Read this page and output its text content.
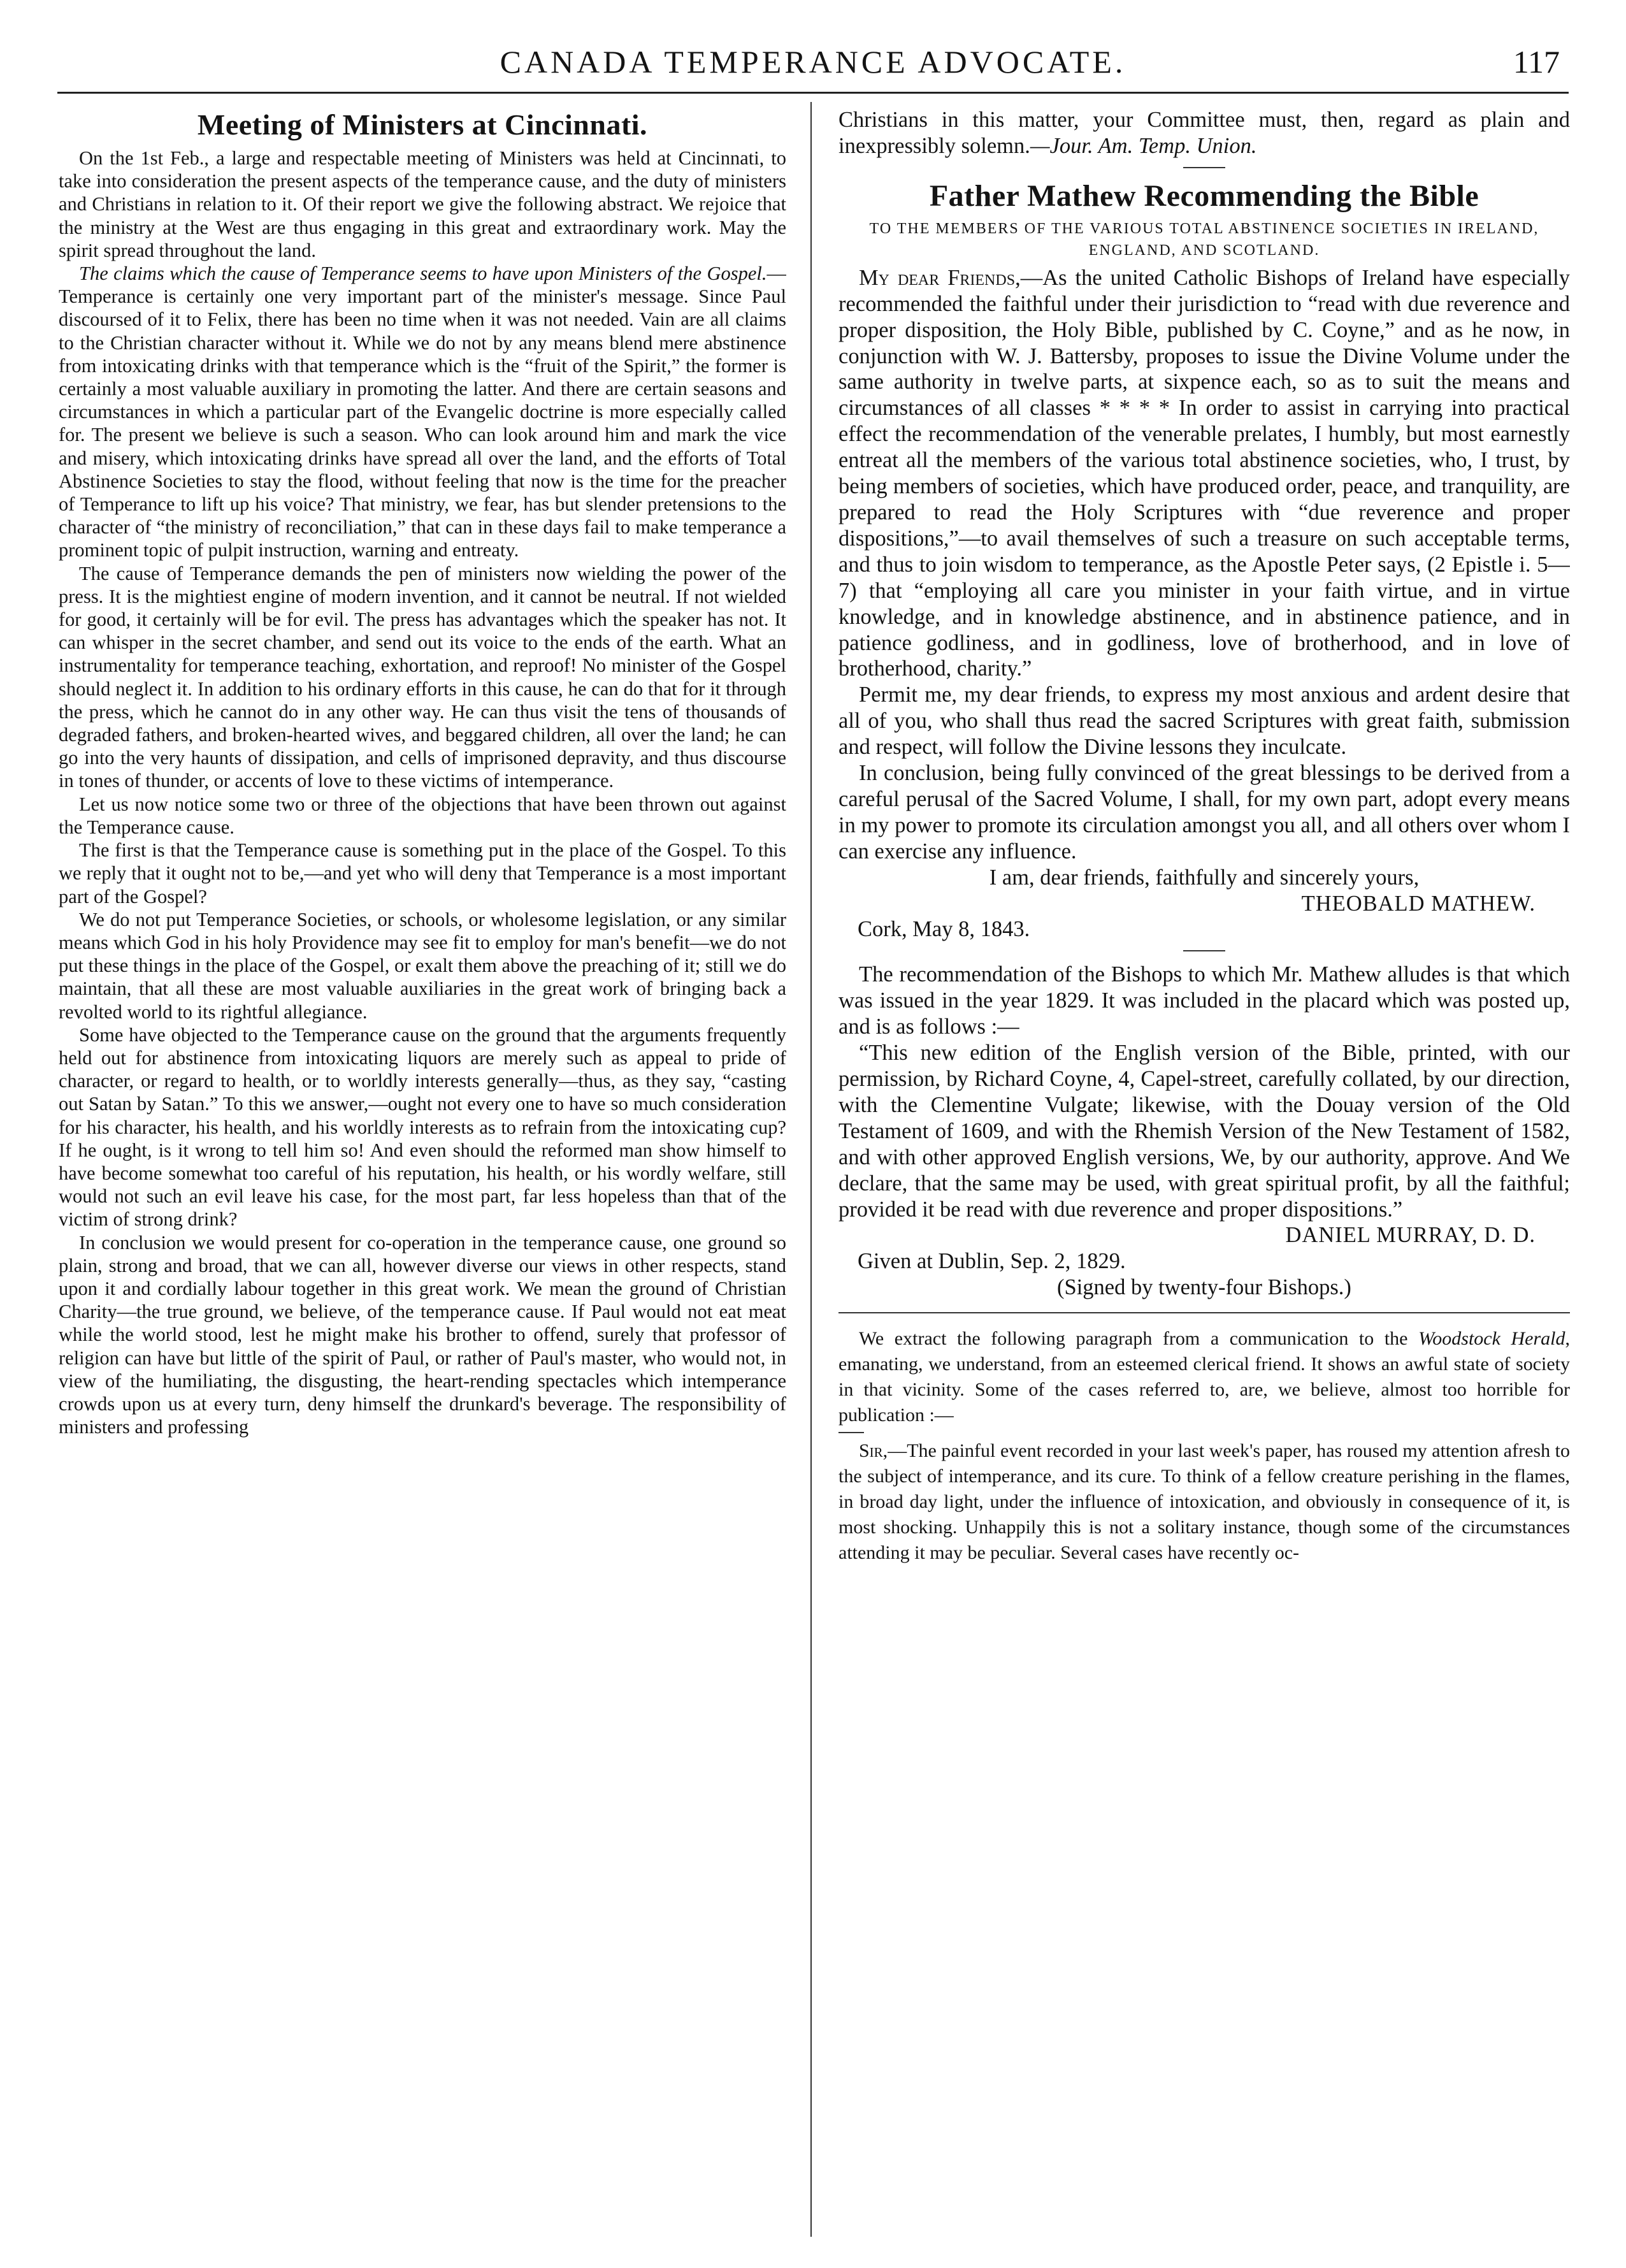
CANADA TEMPERANCE ADVOCATE.	117
Meeting of Ministers at Cincinnati.

On the 1st Feb., a large and respectable meeting of Ministers was held at Cincinnati, to take into consideration the present aspects of the temperance cause, and the duty of ministers and Christians in relation to it. Of their report we give the following abstract. We rejoice that the ministry at the West are thus engaging in this great and extraordinary work. May the spirit spread throughout the land.

The claims which the cause of Temperance seems to have upon Ministers of the Gospel.—Temperance is certainly one very important part of the minister's message. Since Paul discoursed of it to Felix, there has been no time when it was not needed. Vain are all claims to the Christian character without it. While we do not by any means blend mere abstinence from intoxicating drinks with that temperance which is the “fruit of the Spirit,” the former is certainly a most valuable auxiliary in promoting the latter. And there are certain seasons and circumstances in which a particular part of the Evangelic doctrine is more especially called for. The present we believe is such a season. Who can look around him and mark the vice and misery, which intoxicating drinks have spread all over the land, and the efforts of Total Abstinence Societies to stay the flood, without feeling that now is the time for the preacher of Temperance to lift up his voice? That ministry, we fear, has but slender pretensions to the character of “the ministry of reconciliation,” that can in these days fail to make temperance a prominent topic of pulpit instruction, warning and entreaty.

The cause of Temperance demands the pen of ministers now wielding the power of the press. It is the mightiest engine of modern invention, and it cannot be neutral. If not wielded for good, it certainly will be for evil. The press has advantages which the speaker has not. It can whisper in the secret chamber, and send out its voice to the ends of the earth. What an instrumentality for temperance teaching, exhortation, and reproof! No minister of the Gospel should neglect it. In addition to his ordinary efforts in this cause, he can do that for it through the press, which he cannot do in any other way. He can thus visit the tens of thousands of degraded fathers, and broken-hearted wives, and beggared children, all over the land; he can go into the very haunts of dissipation, and cells of imprisoned depravity, and thus discourse in tones of thunder, or accents of love to these victims of intemperance.

Let us now notice some two or three of the objections that have been thrown out against the Temperance cause.

The first is that the Temperance cause is something put in the place of the Gospel. To this we reply that it ought not to be,—and yet who will deny that Temperance is a most important part of the Gospel?

We do not put Temperance Societies, or schools, or wholesome legislation, or any similar means which God in his holy Providence may see fit to employ for man's benefit—we do not put these things in the place of the Gospel, or exalt them above the preaching of it; still we do maintain, that all these are most valuable auxiliaries in the great work of bringing back a revolted world to its rightful allegiance.

Some have objected to the Temperance cause on the ground that the arguments frequently held out for abstinence from intoxicating liquors are merely such as appeal to pride of character, or regard to health, or to worldly interests generally—thus, as they say, “casting out Satan by Satan.” To this we answer,—ought not every one to have so much consideration for his character, his health, and his worldly interests as to refrain from the intoxicating cup? If he ought, is it wrong to tell him so! And even should the reformed man show himself to have become somewhat too careful of his reputation, his health, or his wordly welfare, still would not such an evil leave his case, for the most part, far less hopeless than that of the victim of strong drink?

In conclusion we would present for co-operation in the temperance cause, one ground so plain, strong and broad, that we can all, however diverse our views in other respects, stand upon it and cordially labour together in this great work. We mean the ground of Christian Charity—the true ground, we believe, of the temperance cause. If Paul would not eat meat while the world stood, lest he might make his brother to offend, surely that professor of religion can have but little of the spirit of Paul, or rather of Paul's master, who would not, in view of the humiliating, the disgusting, the heart-rending spectacles which intemperance crowds upon us at every turn, deny himself the drunkard's beverage. The responsibility of ministers and professing

Christians in this matter, your Committee must, then, regard as plain and inexpressibly solemn.—Jour. Am. Temp. Union.

Father Mathew Recommending the Bible
TO THE MEMBERS OF THE VARIOUS TOTAL ABSTINENCE SOCIETIES IN IRELAND, ENGLAND, AND SCOTLAND.

My dear Friends,—As the united Catholic Bishops of Ireland have especially recommended the faithful under their jurisdiction to “read with due reverence and proper disposition, the Holy Bible, published by C. Coyne,” and as he now, in conjunction with W. J. Battersby, proposes to issue the Divine Volume under the same authority in twelve parts, at sixpence each, so as to suit the means and circumstances of all classes * * * * In order to assist in carrying into practical effect the recommendation of the venerable prelates, I humbly, but most earnestly entreat all the members of the various total abstinence societies, who, I trust, by being members of societies, which have produced order, peace, and tranquility, are prepared to read the Holy Scriptures with “due reverence and proper dispositions,”—to avail themselves of such a treasure on such acceptable terms, and thus to join wisdom to temperance, as the Apostle Peter says, (2 Epistle i. 5—7) that “employing all care you minister in your faith virtue, and in virtue knowledge, and in knowledge abstinence, and in abstinence patience, and in patience godliness, and in godliness, love of brotherhood, and in love of brotherhood, charity.”

Permit me, my dear friends, to express my most anxious and ardent desire that all of you, who shall thus read the sacred Scriptures with great faith, submission and respect, will follow the Divine lessons they inculcate.

In conclusion, being fully convinced of the great blessings to be derived from a careful perusal of the Sacred Volume, I shall, for my own part, adopt every means in my power to promote its circulation amongst you all, and all others over whom I can exercise any influence.

I am, dear friends, faithfully and sincerely yours,

THEOBALD MATHEW.

Cork, May 8, 1843.

The recommendation of the Bishops to which Mr. Mathew alludes is that which was issued in the year 1829. It was included in the placard which was posted up, and is as follows :—

“This new edition of the English version of the Bible, printed, with our permission, by Richard Coyne, 4, Capel-street, carefully collated, by our direction, with the Clementine Vulgate; likewise, with the Douay version of the Old Testament of 1609, and with the Rhemish Version of the New Testament of 1582, and with other approved English versions, We, by our authority, approve. And We declare, that the same may be used, with great spiritual profit, by all the faithful; provided it be read with due reverence and proper dispositions.”

DANIEL MURRAY, D. D.

Given at Dublin, Sep. 2, 1829.

(Signed by twenty-four Bishops.)

We extract the following paragraph from a communication to the Woodstock Herald, emanating, we understand, from an esteemed clerical friend. It shows an awful state of society in that vicinity. Some of the cases referred to, are, we believe, almost too horrible for publication :—

Sir,—The painful event recorded in your last week's paper, has roused my attention afresh to the subject of intemperance, and its cure. To think of a fellow creature perishing in the flames, in broad day light, under the influence of intoxication, and obviously in consequence of it, is most shocking. Unhappily this is not a solitary instance, though some of the circumstances attending it may be peculiar. Several cases have recently oc-
